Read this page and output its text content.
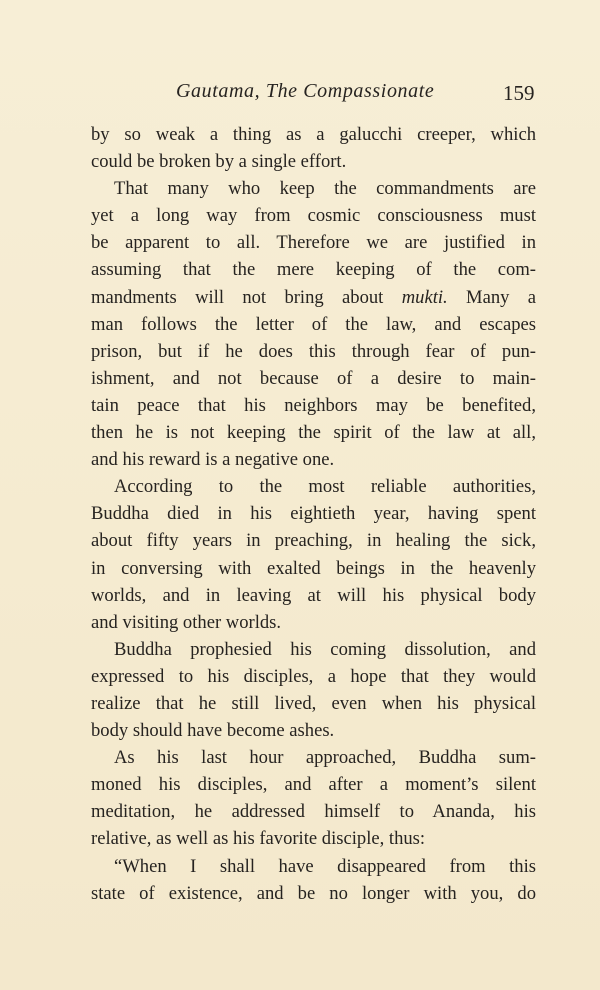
Gautama, The Compassionate	159
by so weak a thing as a galucchi creeper, which
could be broken by a single effort.
That many who keep the commandments are
yet a long way from cosmic consciousness must
be apparent to all. Therefore we are justified in
assuming that the mere keeping of the com-
mandments will not bring about mukti. Many a
man follows the letter of the law, and escapes
prison, but if he does this through fear of pun-
ishment, and not because of a desire to main-
tain peace that his neighbors may be benefited,
then he is not keeping the spirit of the law at all,
and his reward is a negative one.
According to the most reliable authorities,
Buddha died in his eightieth year, having spent
about fifty years in preaching, in healing the sick,
in conversing with exalted beings in the heavenly
worlds, and in leaving at will his physical body
and visiting other worlds.
Buddha prophesied his coming dissolution, and
expressed to his disciples, a hope that they would
realize that he still lived, even when his physical
body should have become ashes.
As his last hour approached, Buddha sum-
moned his disciples, and after a moment’s silent
meditation, he addressed himself to Ananda, his
relative, as well as his favorite disciple, thus:
“When I shall have disappeared from this
state of existence, and be no longer with you, do
